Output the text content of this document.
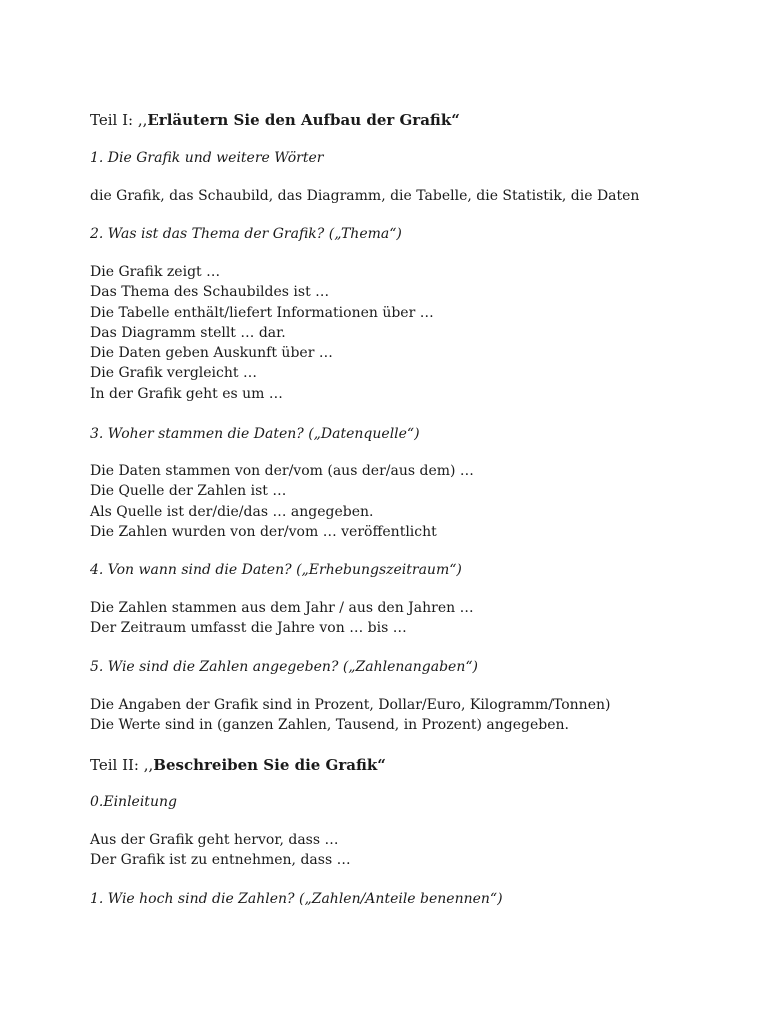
Teil I: ,,Erläutern Sie den Aufbau der Grafik“

1. Die Grafik und weitere Wörter

die Grafik, das Schaubild, das Diagramm, die Tabelle, die Statistik, die Daten

2. Was ist das Thema der Grafik? („Thema“)

Die Grafik zeigt …
Das Thema des Schaubildes ist …
Die Tabelle enthält/liefert Informationen über …
Das Diagramm stellt … dar.
Die Daten geben Auskunft über …
Die Grafik vergleicht …
In der Grafik geht es um …

3. Woher stammen die Daten? („Datenquelle“)

Die Daten stammen von der/vom (aus der/aus dem) …
Die Quelle der Zahlen ist …
Als Quelle ist der/die/das … angegeben.
Die Zahlen wurden von der/vom … veröffentlicht

4. Von wann sind die Daten? („Erhebungszeitraum“)

Die Zahlen stammen aus dem Jahr / aus den Jahren …
Der Zeitraum umfasst die Jahre von … bis …

5. Wie sind die Zahlen angegeben? („Zahlenangaben“)

Die Angaben der Grafik sind in Prozent, Dollar/Euro, Kilogramm/Tonnen)
Die Werte sind in (ganzen Zahlen, Tausend, in Prozent) angegeben.
Teil II: ,,Beschreiben Sie die Grafik“

0.Einleitung

Aus der Grafik geht hervor, dass …
Der Grafik ist zu entnehmen, dass …

1. Wie hoch sind die Zahlen? („Zahlen/Anteile benennen“)
